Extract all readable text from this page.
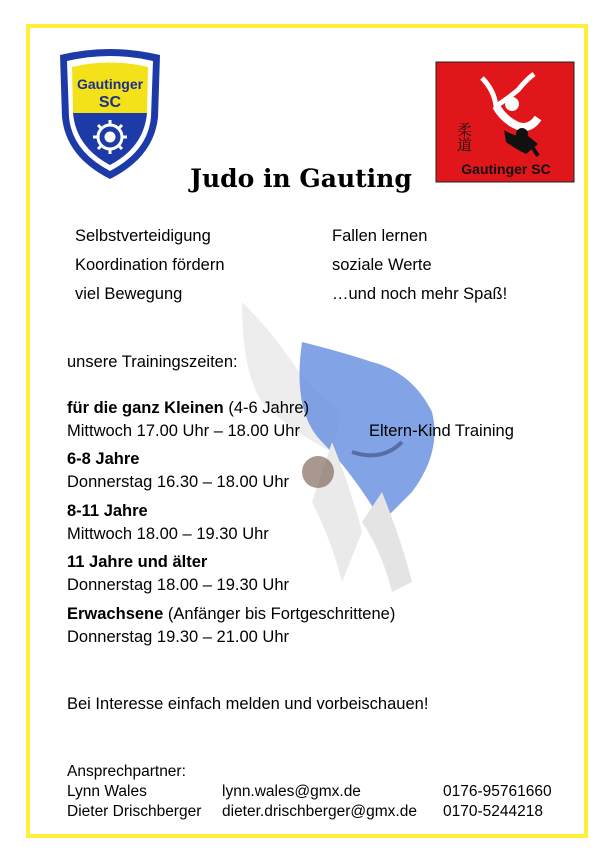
Gautinger
SC
柔道
Gautinger SC
Judo in Gauting
Selbstverteidigung
Koordination fördern
viel Bewegung
Fallen lernen
soziale Werte
…und noch mehr Spaß!
unsere Trainingszeiten:
für die ganz Kleinen (4-6 Jahre)
Mittwoch 17.00 Uhr – 18.00 Uhr	Eltern-Kind Training
6-8 Jahre
Donnerstag 16.30 – 18.00 Uhr
8-11 Jahre
Mittwoch 18.00 – 19.30 Uhr
11 Jahre und älter
Donnerstag 18.00 – 19.30 Uhr
Erwachsene (Anfänger bis Fortgeschrittene)
Donnerstag 19.30 – 21.00 Uhr
Bei Interesse einfach melden und vorbeischauen!
Ansprechpartner:
Lynn Wales	lynn.wales@gmx.de	0176-95761660
Dieter Drischberger dieter.drischberger@gmx.de 0170-5244218
